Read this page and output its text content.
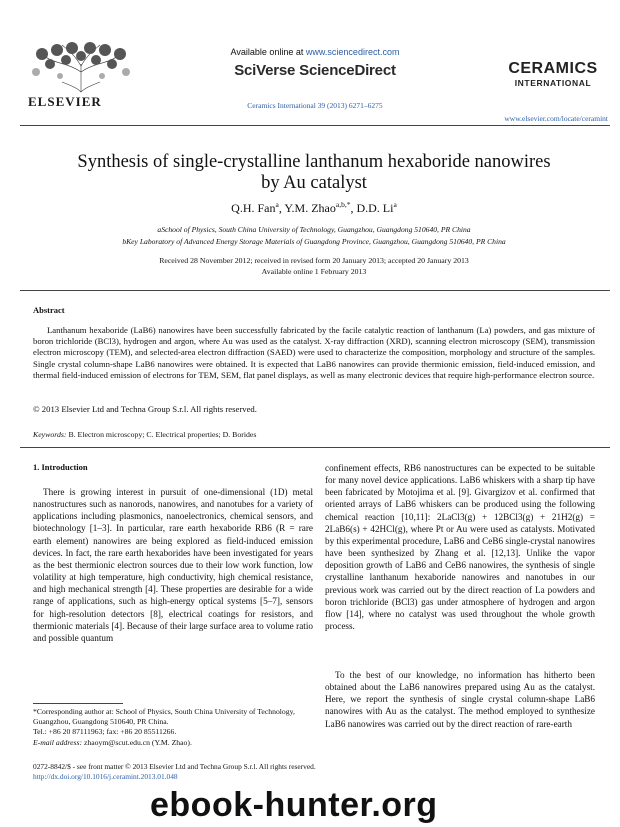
ELSEVIER
Available online at www.sciencedirect.com
SciVerse ScienceDirect
Ceramics International 39 (2013) 6271–6275
CERAMICS
INTERNATIONAL
www.elsevier.com/locate/ceramint
Synthesis of single-crystalline lanthanum hexaboride nanowires
by Au catalyst
Q.H. Fan$^a$, Y.M. Zhao$^{a,b,*}$, D.D. Li$^a$
aSchool of Physics, South China University of Technology, Guangzhou, Guangdong 510640, PR China
bKey Laboratory of Advanced Energy Storage Materials of Guangdong Province, Guangzhou, Guangdong 510640, PR China
Received 28 November 2012; received in revised form 20 January 2013; accepted 20 January 2013
Available online 1 February 2013
Abstract
Lanthanum hexaboride (LaB6) nanowires have been successfully fabricated by the facile catalytic reaction of lanthanum (La) powders, and gas mixture of boron trichloride (BCl3), hydrogen and argon, where Au was used as the catalyst. X-ray diffraction (XRD), scanning electron microscopy (SEM), transmission electron microscopy (TEM), and selected-area electron diffraction (SAED) were used to characterize the composition, morphology and structure of the samples. Single crystal column-shape LaB6 nanowires were obtained. It is expected that LaB6 nanowires can provide thermionic emission, field-induced emission, and thermal field-induced emission of electrons for TEM, SEM, flat panel displays, as well as many electronic devices that require high-performance electron source.
© 2013 Elsevier Ltd and Techna Group S.r.l. All rights reserved.
Keywords: B. Electron microscopy; C. Electrical properties; D. Borides
1. Introduction
There is growing interest in pursuit of one-dimensional (1D) metal nanostructures such as nanorods, nanowires, and nanotubes for a variety of applications including plasmonics, nanoelectronics, chemical sensors, and biotechnology [1–3]. In particular, rare earth hexaboride RB6 (R = rare earth element) nanowires are being explored as field-induced emission devices. In fact, the rare earth hexaborides have been investigated for years as the best thermionic electron sources due to their low work function, low volatility at high temperature, high conductivity, high chemical resistance, and high mechanical strength [4]. These properties are desirable for a wide range of applications, such as high-energy optical systems [5–7], sensors for high-resolution detectors [8], electrical coatings for resistors, and thermionic materials [4]. Because of their large surface area to volume ratio and possible quantum
confinement effects, RB6 nanostructures can be expected to be suitable for many novel device applications. LaB6 whiskers with a sharp tip have been fabricated by Motojima et al. [9]. Givargizov et al. confirmed that oriented arrays of LaB6 whiskers can be produced using the following chemical reaction [10,11]: 2LaCl3(g) + 12BCl3(g) + 21H2(g) = 2LaB6(s) + 42HCl(g), where Pt or Au were used as catalysts. Motivated by this experimental procedure, LaB6 and CeB6 single-crystal nanowires have been synthesized by Zhang et al. [12,13]. Unlike the vapor deposition growth of LaB6 and CeB6 nanowires, the synthesis of single crystalline lanthanum hexaboride nanowires and nanotubes in our previous work was carried out by the direct reaction of La powders and boron trichloride (BCl3) gas under atmosphere of hydrogen and argon flow [14], where no catalyst was used throughout the whole growth process.
To the best of our knowledge, no information has hitherto been obtained about the LaB6 nanowires prepared using Au as the catalyst. Here, we report the synthesis of single crystal column-shape LaB6 nanowires with Au as the catalyst. The method employed to synthesize LaB6 nanowires was carried out by the direct reaction of rare-earth
*Corresponding author at: School of Physics, South China University of Technology, Guangzhou, Guangdong 510640, PR China.
Tel.: +86 20 87111963; fax: +86 20 85511266.
E-mail address: zhaoym@scut.edu.cn (Y.M. Zhao).
0272-8842/$ - see front matter © 2013 Elsevier Ltd and Techna Group S.r.l. All rights reserved.
http://dx.doi.org/10.1016/j.ceramint.2013.01.048
ebook-hunter.org
